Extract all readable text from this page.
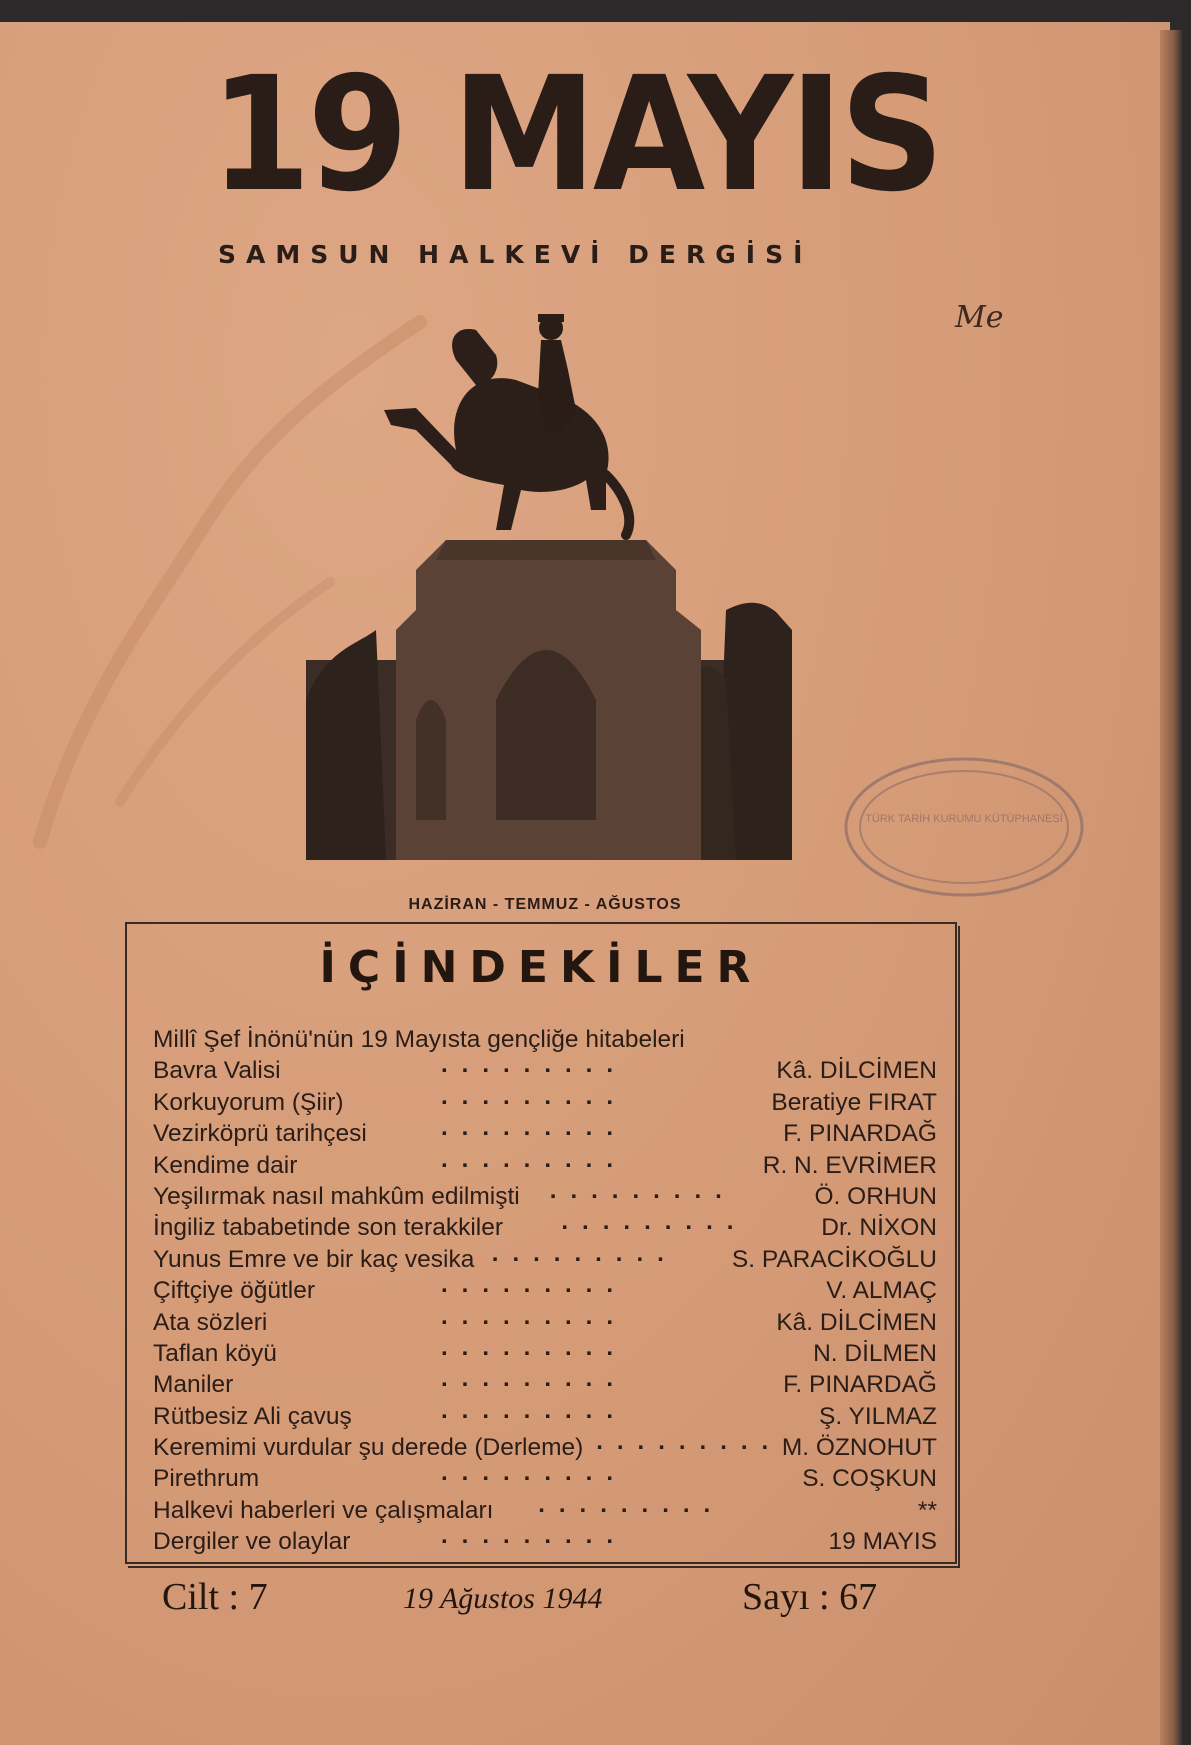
19 MAYIS
SAMSUN HALKEVİ DERGİSİ
Me
TÜRK TARİH KURUMU KÜTÜPHANESİ
HAZİRAN - TEMMUZ - AĞUSTOS
İÇİNDEKİLER
Millî Şef İnönü'nün 19 Mayısta gençliğe hitabeleri
Bavra Valisi	.........	Kâ. DİLCİMEN
Korkuyorum (Şiir)	.........	Beratiye FIRAT
Vezirköprü tarihçesi	.........	F. PINARDAĞ
Kendime dair	.........	R. N. EVRİMER
Yeşilırmak nasıl mahkûm edilmişti .........	Ö. ORHUN
İngiliz tababetinde son terakkiler .........	Dr. NİXON
Yunus Emre ve bir kaç vesika ......... S. PARACİKOĞLU
Çiftçiye öğütler	.........	V. ALMAÇ
Ata sözleri	.........	Kâ. DİLCİMEN
Taflan köyü	.........	N. DİLMEN
Maniler	.........	F. PINARDAĞ
Rütbesiz Ali çavuş	.........	Ş. YILMAZ
Keremimi vurdular şu derede (Derleme) ......... M. ÖZNOHUT
Pirethrum	.........	S. COŞKUN
Halkevi haberleri ve çalışmaları .........	**
Dergiler ve olaylar	.........	19 MAYIS
Cilt : 7	19 Ağustos 1944	Sayı : 67
